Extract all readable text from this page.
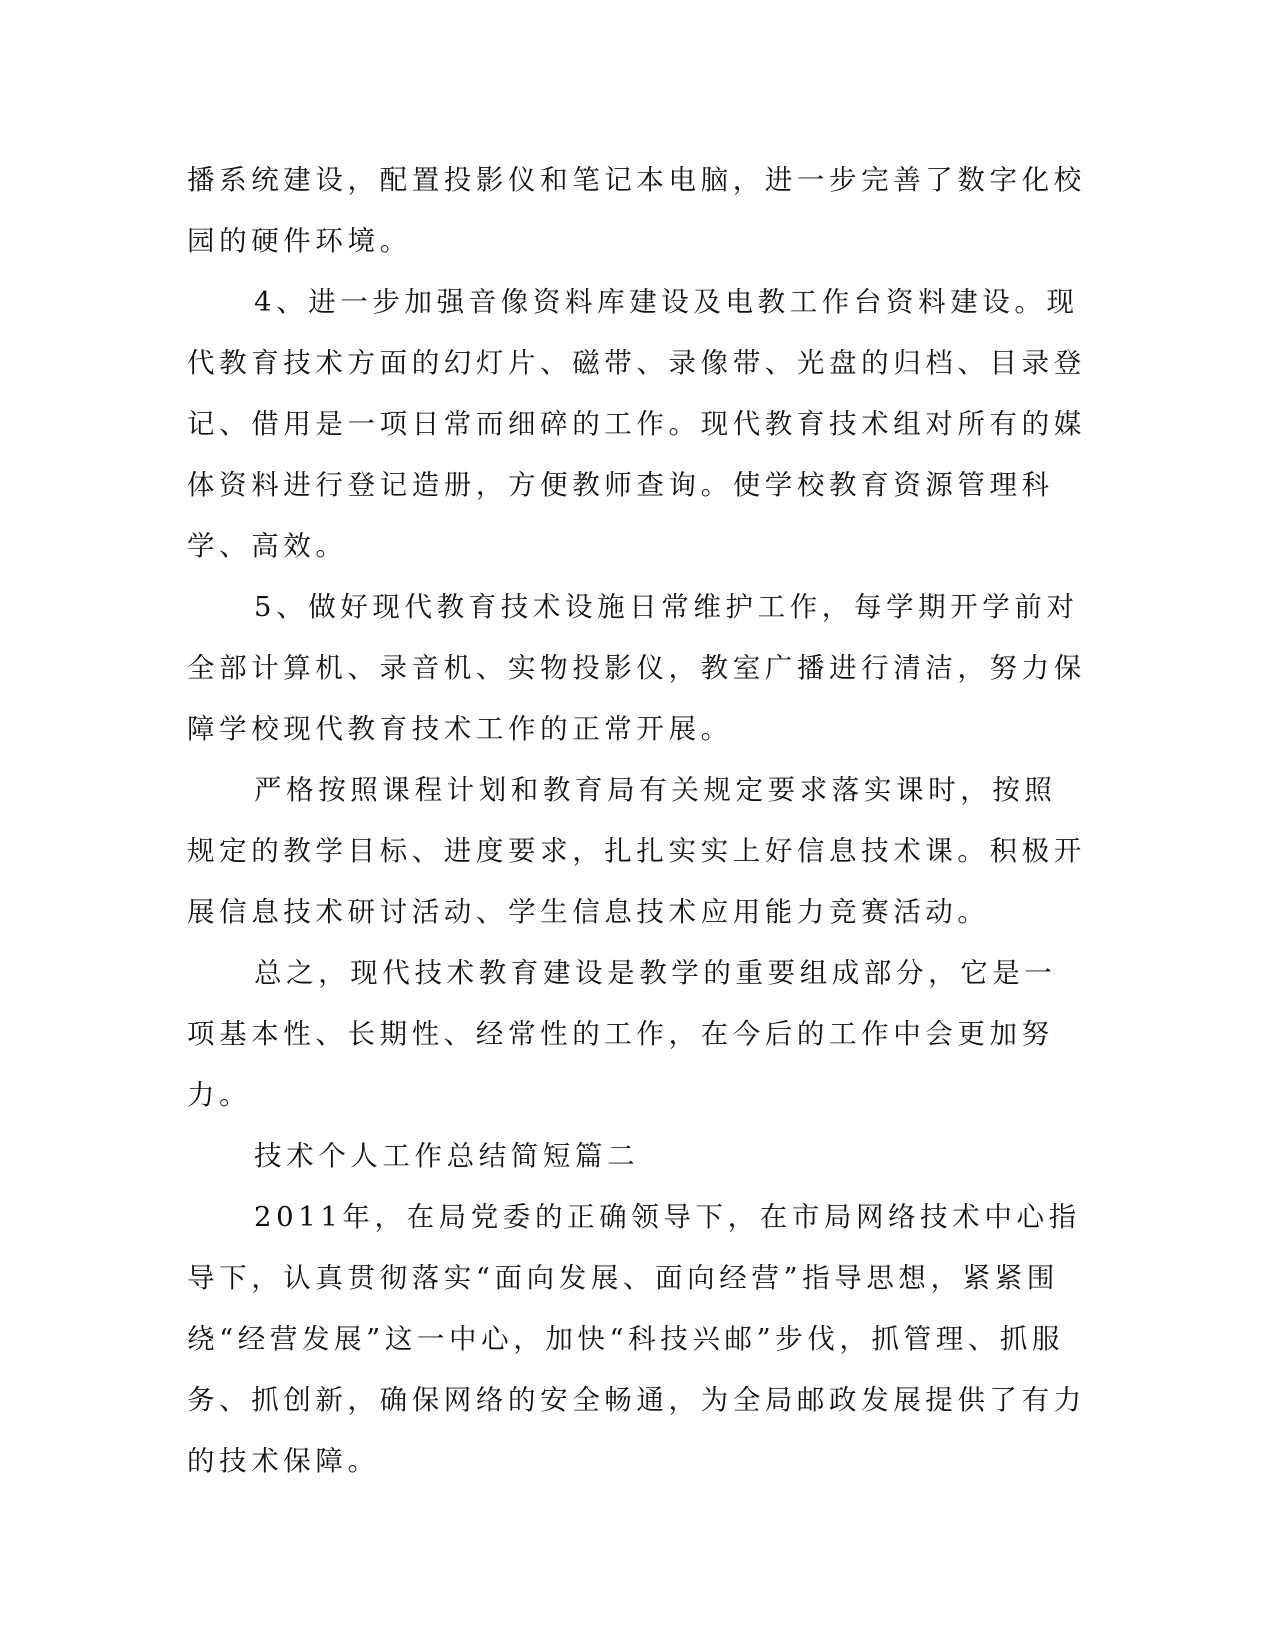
播系统建设，配置投影仪和笔记本电脑，进一步完善了数字化校园的硬件环境。

4、进一步加强音像资料库建设及电教工作台资料建设。现代教育技术方面的幻灯片、磁带、录像带、光盘的归档、目录登记、借用是一项日常而细碎的工作。现代教育技术组对所有的媒体资料进行登记造册，方便教师查询。使学校教育资源管理科学、高效。

5、做好现代教育技术设施日常维护工作，每学期开学前对全部计算机、录音机、实物投影仪，教室广播进行清洁，努力保障学校现代教育技术工作的正常开展。

严格按照课程计划和教育局有关规定要求落实课时，按照规定的教学目标、进度要求，扎扎实实上好信息技术课。积极开展信息技术研讨活动、学生信息技术应用能力竞赛活动。

总之，现代技术教育建设是教学的重要组成部分，它是一项基本性、长期性、经常性的工作，在今后的工作中会更加努力。

技术个人工作总结简短篇二

2011年，在局党委的正确领导下，在市局网络技术中心指导下，认真贯彻落实“面向发展、面向经营”指导思想，紧紧围绕“经营发展”这一中心，加快“科技兴邮”步伐，抓管理、抓服务、抓创新，确保网络的安全畅通，为全局邮政发展提供了有力的技术保障。
